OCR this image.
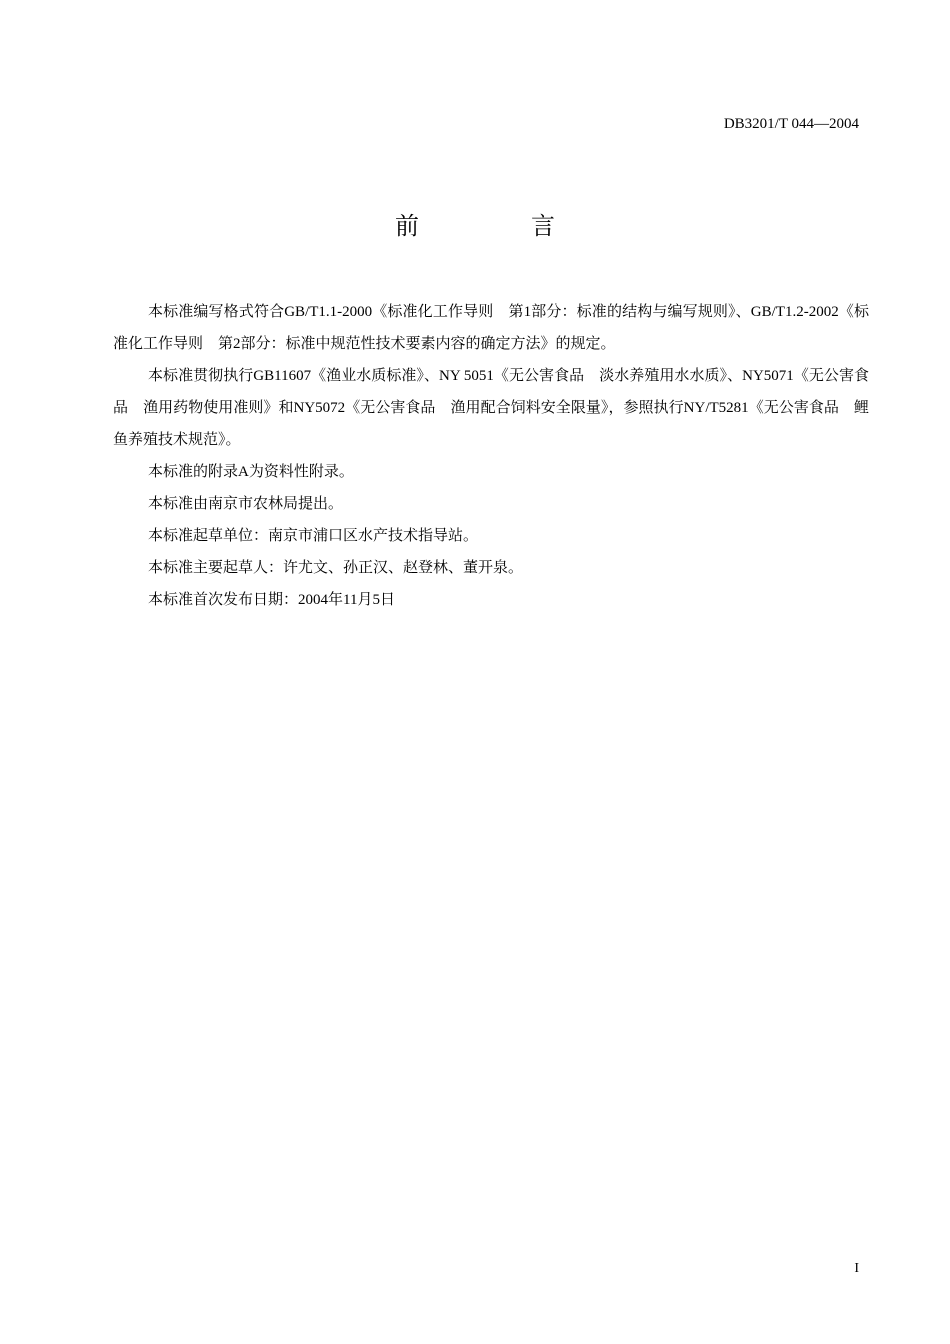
DB3201/T 044—2004
前　言

本标准编写格式符合GB/T1.1-2000《标准化工作导则　第1部分：标准的结构与编写规则》、GB/T1.2-2002《标准化工作导则　第2部分：标准中规范性技术要素内容的确定方法》的规定。

本标准贯彻执行GB11607《渔业水质标准》、NY 5051《无公害食品　淡水养殖用水水质》、NY5071《无公害食品　渔用药物使用准则》和NY5072《无公害食品　渔用配合饲料安全限量》，参照执行NY/T5281《无公害食品　鲤鱼养殖技术规范》。

本标准的附录A为资料性附录。

本标准由南京市农林局提出。

本标准起草单位：南京市浦口区水产技术指导站。

本标准主要起草人：许尤文、孙正汉、赵登林、董开泉。

本标准首次发布日期：2004年11月5日

I
